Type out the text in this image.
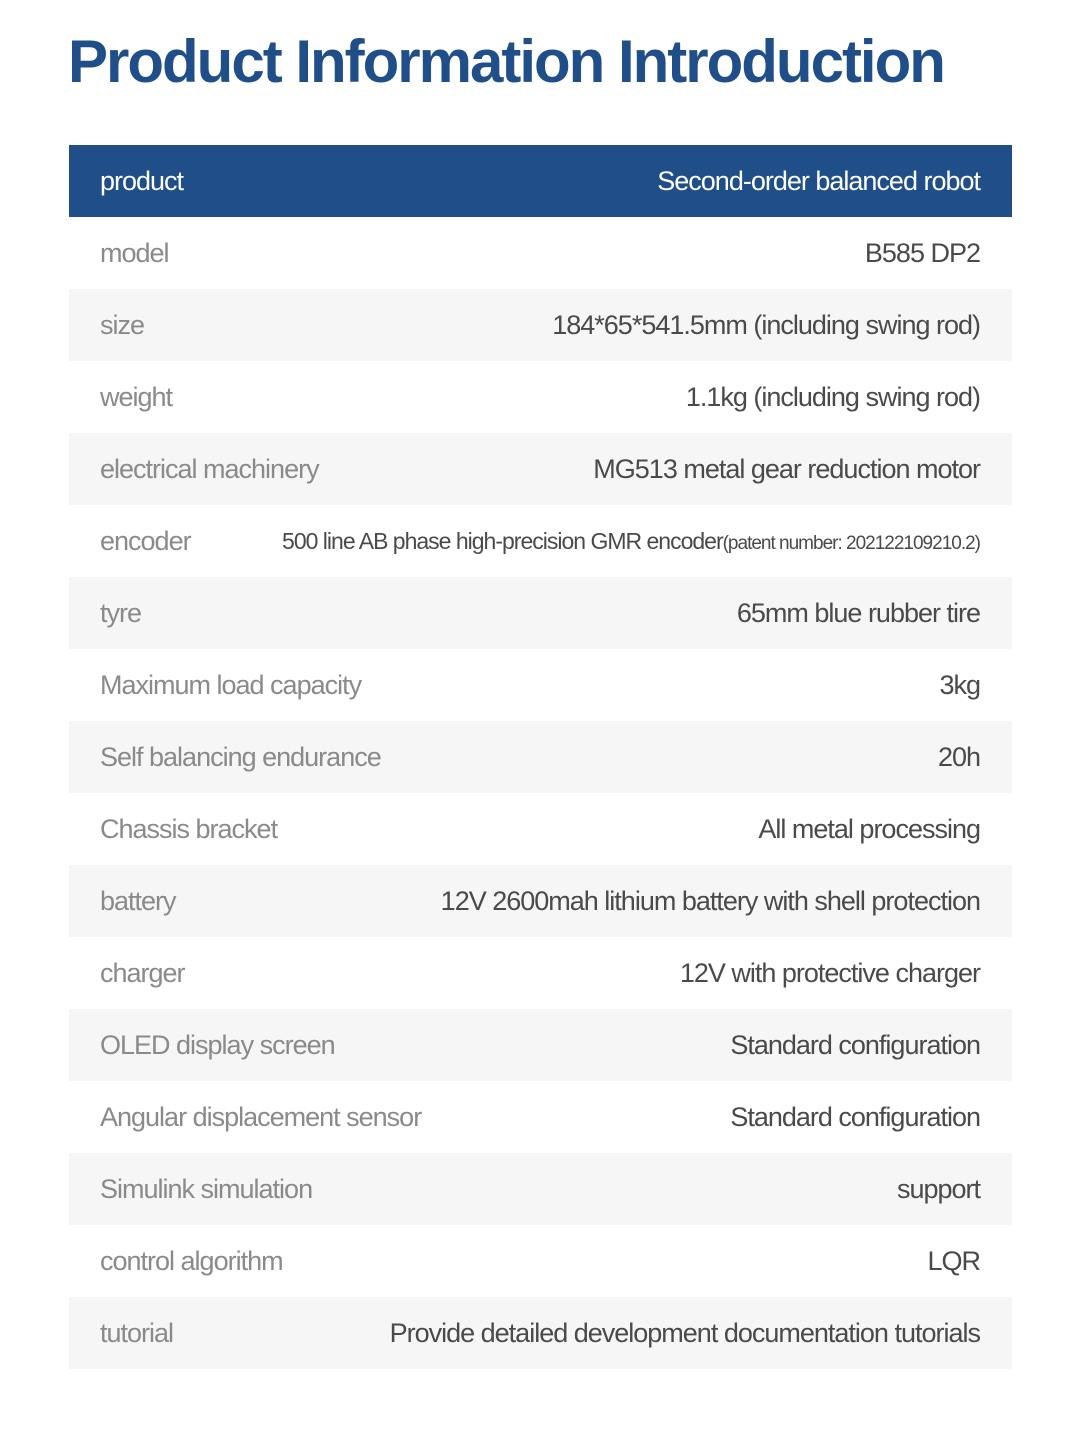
Product Information Introduction
product	Second-order balanced robot
model	B585 DP2
size	184*65*541.5mm (including swing rod)
weight	1.1kg (including swing rod)
electrical machinery	MG513 metal gear reduction motor
encoder	500 line AB phase high-precision GMR encoder(patent number: 202122109210.2)
tyre	65mm blue rubber tire
Maximum load capacity	3kg
Self balancing endurance	20h
Chassis bracket	All metal processing
battery	12V 2600mah lithium battery with shell protection
charger	12V with protective charger
OLED display screen	Standard configuration
Angular displacement sensor	Standard configuration
Simulink simulation	support
control algorithm	LQR
tutorial	Provide detailed development documentation tutorials
